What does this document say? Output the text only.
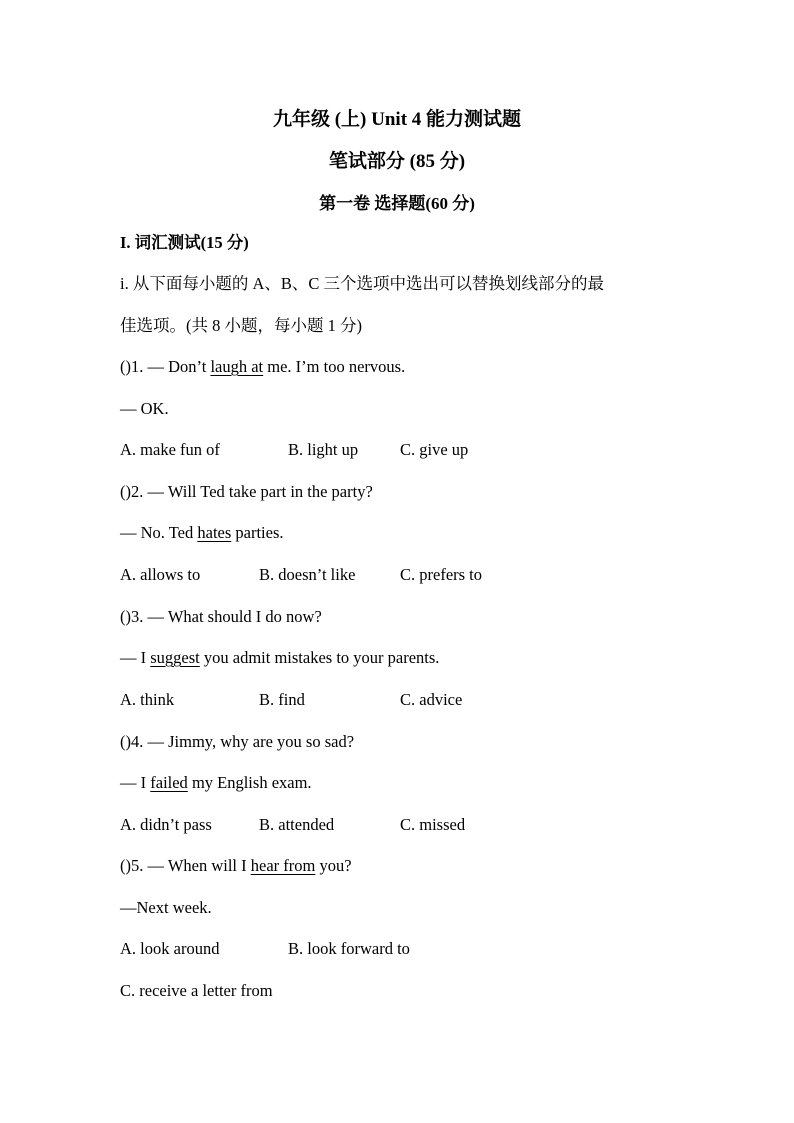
九年级 (上) Unit 4 能力测试题
笔试部分 (85 分)
第一卷 选择题(60 分)
I. 词汇测试(15 分)
i. 从下面每小题的 A、B、C 三个选项中选出可以替换划线部分的最
佳选项。(共 8 小题，每小题 1 分)
()1. — Don’t laugh at me. I’m too nervous.
— OK.
A. make fun of	B. light up	C. give up
()2. — Will Ted take part in the party?
— No. Ted hates parties.
A. allows to	B. doesn’t like	C. prefers to
()3. — What should I do now?
— I suggest you admit mistakes to your parents.
A. think	B. find	C. advice
()4. — Jimmy, why are you so sad?
— I failed my English exam.
A. didn’t pass	B. attended	C. missed
()5. — When will I hear from you?
—Next week.
A. look around	B. look forward to
C. receive a letter from
